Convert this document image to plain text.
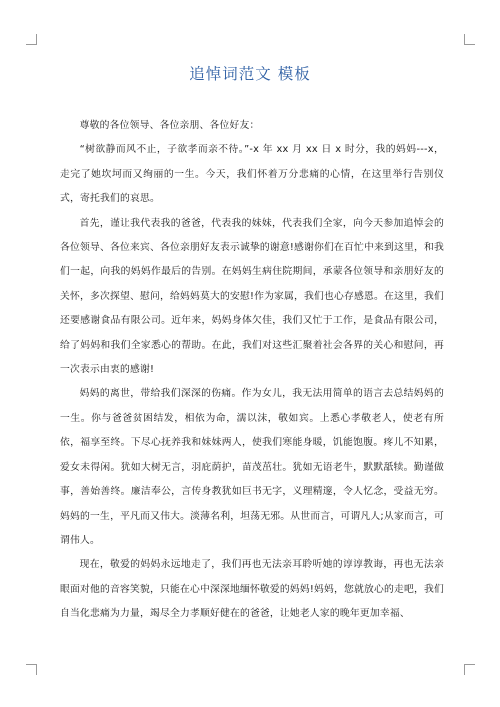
追悼词范文 模板

尊敬的各位领导、各位亲朋、各位好友：

“树欲静而风不止，子欲孝而亲不待。”-x 年 xx 月 xx 日 x 时分，我的妈妈---x，走完了她坎坷而又绚丽的一生。今天，我们怀着万分悲痛的心情，在这里举行告别仪式，寄托我们的哀思。

首先，谨让我代表我的爸爸，代表我的妹妹，代表我们全家，向今天参加追悼会的各位领导、各位来宾、各位亲朋好友表示诚挚的谢意!感谢你们在百忙中来到这里，和我们一起，向我的妈妈作最后的告别。在妈妈生病住院期间，承蒙各位领导和亲朋好友的关怀，多次探望、慰问，给妈妈莫大的安慰!作为家属，我们也心存感恩。在这里，我们还要感谢食品有限公司。近年来，妈妈身体欠佳，我们又忙于工作，是食品有限公司，给了妈妈和我们全家悉心的帮助。在此，我们对这些汇聚着社会各界的关心和慰问，再一次表示由衷的感谢!

妈妈的离世，带给我们深深的伤痛。作为女儿，我无法用简单的语言去总结妈妈的一生。你与爸爸贫困结发，相依为命，濡以沫，敬如宾。上悉心孝敬老人，使老有所依，福享至终。下尽心抚养我和妹妹两人，使我们寒能身暖，饥能饱腹。疼儿不知累，爱女未得闲。犹如大树无言，羽庇荫护，苗茂茁壮。犹如无语老牛，默默舐犊。勤谨做事，善始善终。廉洁奉公，言传身教犹如巨书无字，义理精邃，令人忆念，受益无穷。妈妈的一生，平凡而又伟大。淡薄名利，坦荡无邪。从世而言，可谓凡人;从家而言，可谓伟人。

现在，敬爱的妈妈永远地走了，我们再也无法亲耳聆听她的谆谆教诲，再也无法亲眼面对他的音容笑貌，只能在心中深深地缅怀敬爱的妈妈!妈妈，您就放心的走吧，我们自当化悲痛为力量，竭尽全力孝顺好健在的爸爸，让她老人家的晚年更加幸福、
